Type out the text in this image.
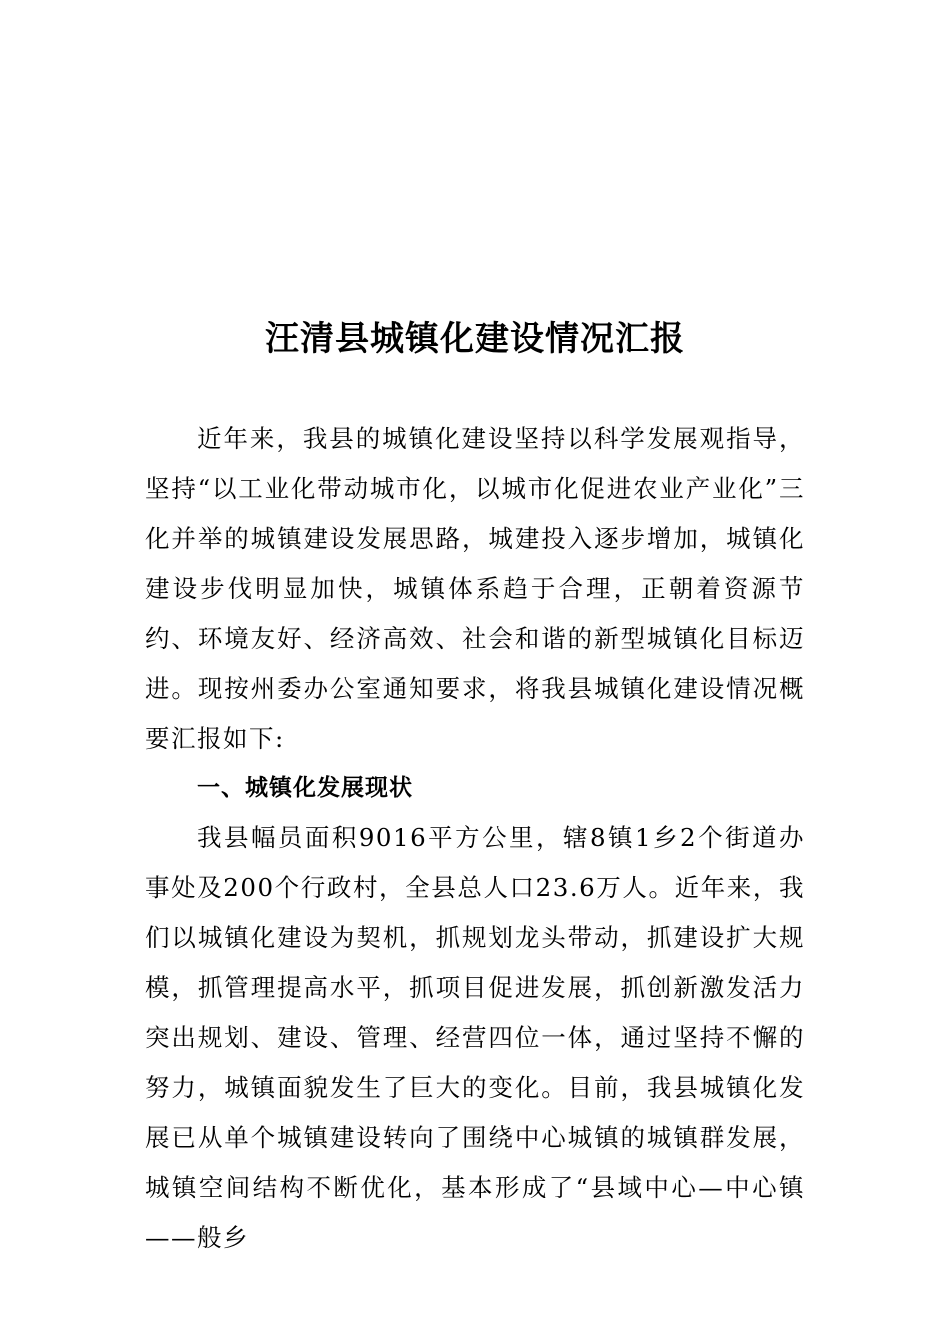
汪清县城镇化建设情况汇报

近年来，我县的城镇化建设坚持以科学发展观指导，坚持“以工业化带动城市化，以城市化促进农业产业化”三化并举的城镇建设发展思路，城建投入逐步增加，城镇化建设步伐明显加快，城镇体系趋于合理，正朝着资源节约、环境友好、经济高效、社会和谐的新型城镇化目标迈进。现按州委办公室通知要求，将我县城镇化建设情况概要汇报如下:

一、城镇化发展现状

我县幅员面积9016平方公里，辖8镇1乡2个街道办事处及200个行政村，全县总人口23.6万人。近年来，我们以城镇化建设为契机，抓规划龙头带动，抓建设扩大规模，抓管理提高水平，抓项目促进发展，抓创新激发活力突出规划、建设、管理、经营四位一体，通过坚持不懈的努力，城镇面貌发生了巨大的变化。目前，我县城镇化发展已从单个城镇建设转向了围绕中心城镇的城镇群发展，城镇空间结构不断优化，基本形成了“县域中心—中心镇——般乡
